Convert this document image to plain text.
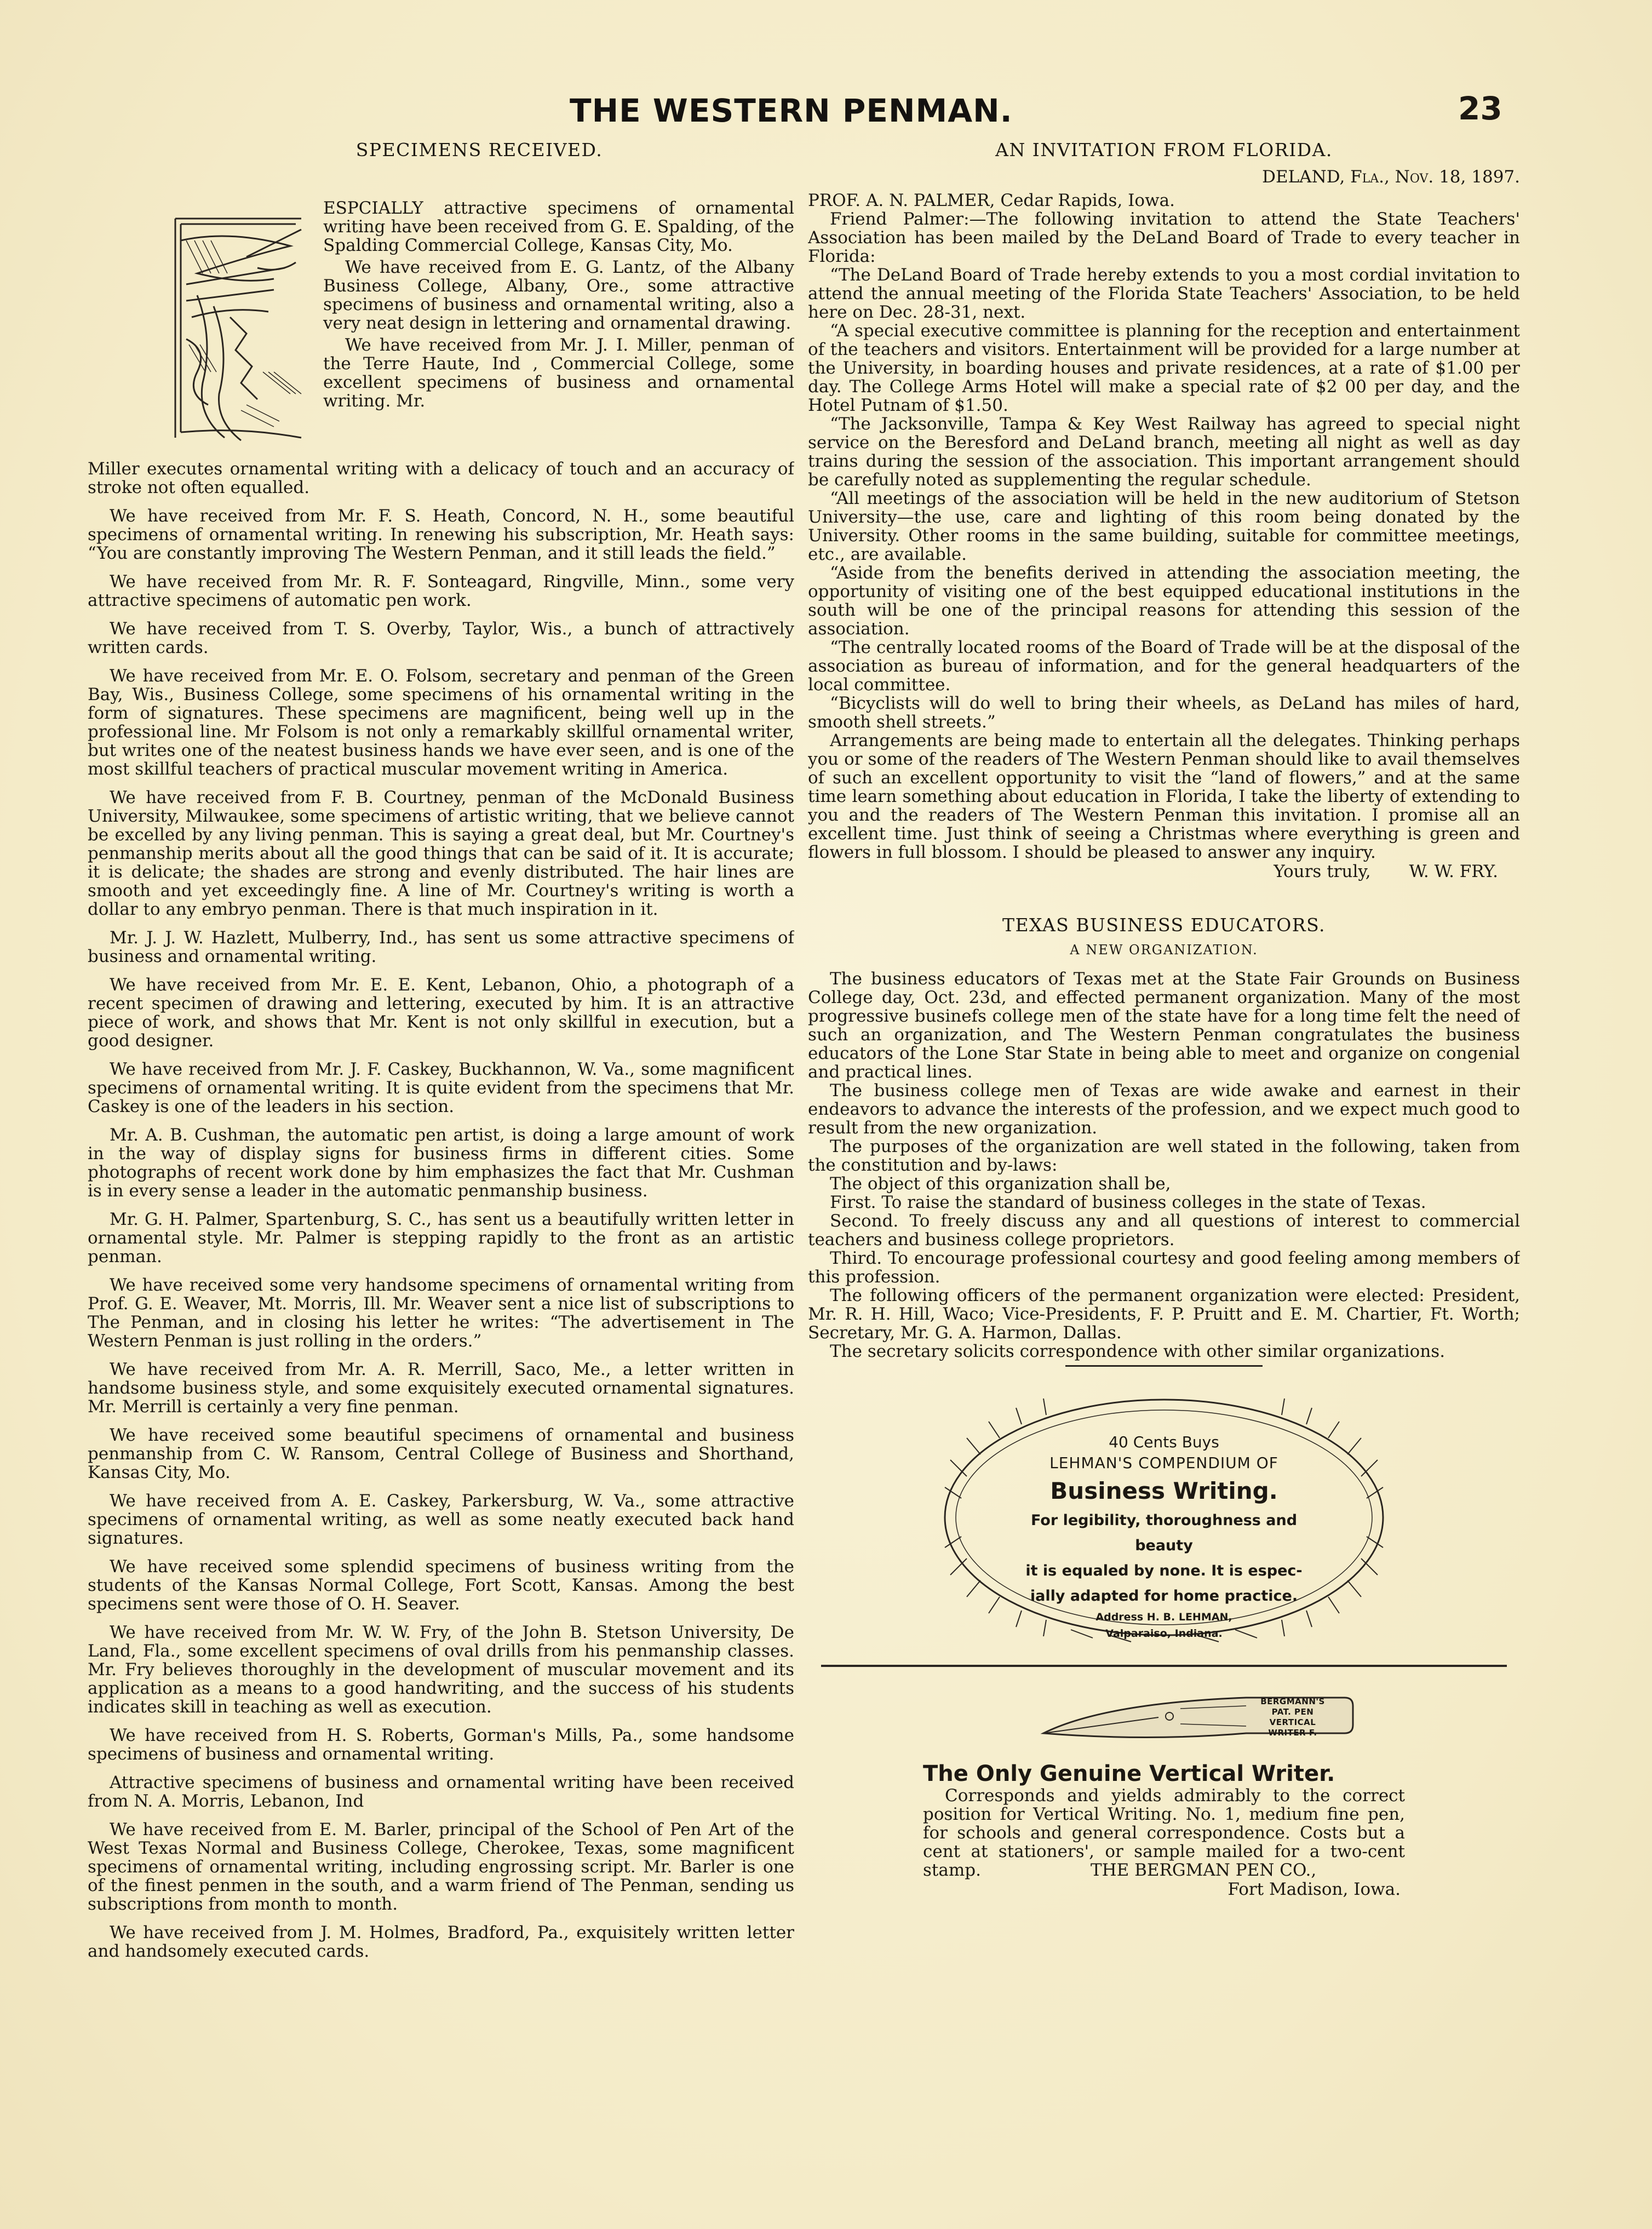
THE WESTERN PENMAN.	23
SPECIMENS RECEIVED.

ESPCIALLY attractive specimens of ornamental writing have been received from G. E. Spalding, of the Spalding Commercial College, Kansas City, Mo.

We have received from E. G. Lantz, of the Albany Business College, Albany, Ore., some attractive specimens of business and ornamental writing, also a very neat design in lettering and ornamental drawing.

We have received from Mr. J. I. Miller, penman of the Terre Haute, Ind , Commercial College, some excellent specimens of business and ornamental writing. Mr.

Miller executes ornamental writing with a delicacy of touch and an accuracy of stroke not often equalled.

We have received from Mr. F. S. Heath, Concord, N. H., some beautiful specimens of ornamental writing. In renewing his subscription, Mr. Heath says: “You are constantly improving The Western Penman, and it still leads the field.”

We have received from Mr. R. F. Sonteagard, Ringville, Minn., some very attractive specimens of automatic pen work.

We have received from T. S. Overby, Taylor, Wis., a bunch of attractively written cards.

We have received from Mr. E. O. Folsom, secretary and penman of the Green Bay, Wis., Business College, some specimens of his ornamental writing in the form of signatures. These specimens are magnificent, being well up in the professional line. Mr Folsom is not only a remarkably skillful ornamental writer, but writes one of the neatest business hands we have ever seen, and is one of the most skillful teachers of practical muscular movement writing in America.

We have received from F. B. Courtney, penman of the McDonald Business University, Milwaukee, some specimens of artistic writing, that we believe cannot be excelled by any living penman. This is saying a great deal, but Mr. Courtney's penmanship merits about all the good things that can be said of it. It is accurate; it is delicate; the shades are strong and evenly distributed. The hair lines are smooth and yet exceedingly fine. A line of Mr. Courtney's writing is worth a dollar to any embryo penman. There is that much inspiration in it.

Mr. J. J. W. Hazlett, Mulberry, Ind., has sent us some attractive specimens of business and ornamental writing.

We have received from Mr. E. E. Kent, Lebanon, Ohio, a photograph of a recent specimen of drawing and lettering, executed by him. It is an attractive piece of work, and shows that Mr. Kent is not only skillful in execution, but a good designer.

We have received from Mr. J. F. Caskey, Buckhannon, W. Va., some magnificent specimens of ornamental writing. It is quite evident from the specimens that Mr. Caskey is one of the leaders in his section.

Mr. A. B. Cushman, the automatic pen artist, is doing a large amount of work in the way of display signs for business firms in different cities. Some photographs of recent work done by him emphasizes the fact that Mr. Cushman is in every sense a leader in the automatic penmanship business.

Mr. G. H. Palmer, Spartenburg, S. C., has sent us a beautifully written letter in ornamental style. Mr. Palmer is stepping rapidly to the front as an artistic penman.

We have received some very handsome specimens of ornamental writing from Prof. G. E. Weaver, Mt. Morris, Ill. Mr. Weaver sent a nice list of subscriptions to The Penman, and in closing his letter he writes: “The advertisement in The Western Penman is just rolling in the orders.”

We have received from Mr. A. R. Merrill, Saco, Me., a letter written in handsome business style, and some exquisitely executed ornamental signatures. Mr. Merrill is certainly a very fine penman.

We have received some beautiful specimens of ornamental and business penmanship from C. W. Ransom, Central College of Business and Shorthand, Kansas City, Mo.

We have received from A. E. Caskey, Parkersburg, W. Va., some attractive specimens of ornamental writing, as well as some neatly executed back hand signatures.

We have received some splendid specimens of business writing from the students of the Kansas Normal College, Fort Scott, Kansas. Among the best specimens sent were those of O. H. Seaver.

We have received from Mr. W. W. Fry, of the John B. Stetson University, De Land, Fla., some excellent specimens of oval drills from his penmanship classes. Mr. Fry believes thoroughly in the development of muscular movement and its application as a means to a good handwriting, and the success of his students indicates skill in teaching as well as execution.

We have received from H. S. Roberts, Gorman's Mills, Pa., some handsome specimens of business and ornamental writing.

Attractive specimens of business and ornamental writing have been received from N. A. Morris, Lebanon, Ind

We have received from E. M. Barler, principal of the School of Pen Art of the West Texas Normal and Business College, Cherokee, Texas, some magnificent specimens of ornamental writing, including engrossing script. Mr. Barler is one of the finest penmen in the south, and a warm friend of The Penman, sending us subscriptions from month to month.

We have received from J. M. Holmes, Bradford, Pa., exquisitely written letter and handsomely executed cards.

AN INVITATION FROM FLORIDA.
DELAND, Fla., Nov. 18, 1897.

PROF. A. N. PALMER, Cedar Rapids, Iowa.

Friend Palmer:—The following invitation to attend the State Teachers' Association has been mailed by the DeLand Board of Trade to every teacher in Florida:

“The DeLand Board of Trade hereby extends to you a most cordial invitation to attend the annual meeting of the Florida State Teachers' Association, to be held here on Dec. 28-31, next.

“A special executive committee is planning for the reception and entertainment of the teachers and visitors. Entertainment will be provided for a large number at the University, in boarding houses and private residences, at a rate of $1.00 per day. The College Arms Hotel will make a special rate of $2 00 per day, and the Hotel Putnam of $1.50.

“The Jacksonville, Tampa & Key West Railway has agreed to special night service on the Beresford and DeLand branch, meeting all night as well as day trains during the session of the association. This important arrangement should be carefully noted as supplementing the regular schedule.

“All meetings of the association will be held in the new auditorium of Stetson University—the use, care and lighting of this room being donated by the University. Other rooms in the same building, suitable for committee meetings, etc., are available.

“Aside from the benefits derived in attending the association meeting, the opportunity of visiting one of the best equipped educational institutions in the south will be one of the principal reasons for attending this session of the association.

“The centrally located rooms of the Board of Trade will be at the disposal of the association as bureau of information, and for the general headquarters of the local committee.

“Bicyclists will do well to bring their wheels, as DeLand has miles of hard, smooth shell streets.”

Arrangements are being made to entertain all the delegates. Thinking perhaps you or some of the readers of The Western Penman should like to avail themselves of such an excellent opportunity to visit the “land of flowers,” and at the same time learn something about education in Florida, I take the liberty of extending to you and the readers of The Western Penman this invitation. I promise all an excellent time. Just think of seeing a Christmas where everything is green and flowers in full blossom. I should be pleased to answer any inquiry.

Yours truly, W. W. FRY.
TEXAS BUSINESS EDUCATORS.
A NEW ORGANIZATION.

The business educators of Texas met at the State Fair Grounds on Business College day, Oct. 23d, and effected permanent organization. Many of the most progressive businefs college men of the state have for a long time felt the need of such an organization, and The Western Penman congratulates the business educators of the Lone Star State in being able to meet and organize on congenial and practical lines.

The business college men of Texas are wide awake and earnest in their endeavors to advance the interests of the profession, and we expect much good to result from the new organization.

The purposes of the organization are well stated in the following, taken from the constitution and by-laws:

The object of this organization shall be,

First. To raise the standard of business colleges in the state of Texas.

Second. To freely discuss any and all questions of interest to commercial teachers and business college proprietors.

Third. To encourage professional courtesy and good feeling among members of this profession.

The following officers of the permanent organization were elected: President, Mr. R. H. Hill, Waco; Vice-Presidents, F. P. Pruitt and E. M. Chartier, Ft. Worth; Secretary, Mr. G. A. Harmon, Dallas.

The secretary solicits correspondence with other similar organizations.

40 Cents Buys
LEHMAN'S COMPENDIUM OF
Business Writing.
For legibility, thoroughness and beauty
it is equaled by none. It is espec-
ially adapted for home practice.
Address H. B. LEHMAN,
Valparaiso, Indiana.
BERGMANN'S PAT. PEN
VERTICAL WRITER F.
The Only Genuine Vertical Writer.

Corresponds and yields admirably to the correct position for Vertical Writing. No. 1, medium fine pen, for schools and general correspondence. Costs but a cent at stationers', or sample mailed for a two-cent stamp.	THE BERGMAN PEN CO.,

Fort Madison, Iowa.
